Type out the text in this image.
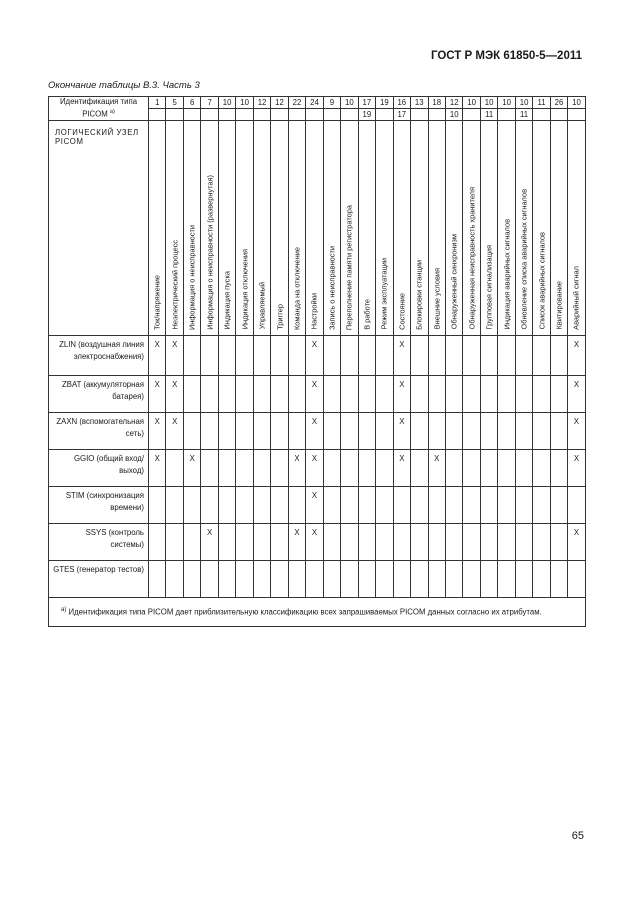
ГОСТ Р МЭК 61850-5—2011
Окончание таблицы В.3. Часть 3
Идентификация типа PICOM $^{а)}$	1	5	6	7	10	10	12	12	22	24	9	10	17	19	16	13	18	12	10	10	10	10	11	26	10
													19		17			10		11		11			
ЛОГИЧЕСКИЙ УЗЕЛ PICOM	Ток/напряжение	Неэлектрический процесс	Информация о неисправности	Информация о неисправности (развернутая)	Индикация пуска	Индикация отключения	Управляемый	Триггер	Команда на отключение	Настройки	Запись о неисправности	Переполнение памяти регистратора	В работе	Режим эксплуатации	Состояние	Блокировки станции	Внешние условия	Обнаруженный синхронизм	Обнаруженная неисправность хранителя	Групповая сигнализация	Индикация аварийных сигналов	Обновление списка аварийных сигналов	Список аварийных сигналов	Квитирование	Аварийный сигнал

ZLIN (воздушная линия электроснабжения)	X	X								X					X										X
ZBAT (аккумуляторная батарея)	X	X								X					X										X
ZAXN (вспомогательная сеть)	X	X								X					X										X
GGIO (общий вход/выход)	X		X						X	X					X		X								X
STIM (синхронизация времени)										X															
SSYS (контроль системы)				X					X	X															X
GTES (генератор тестов)																									
$^{а)}$ Идентификация типа PICOM дает приблизительную классификацию всех запрашиваемых PICOM данных согласно их атрибутам.																									
65
